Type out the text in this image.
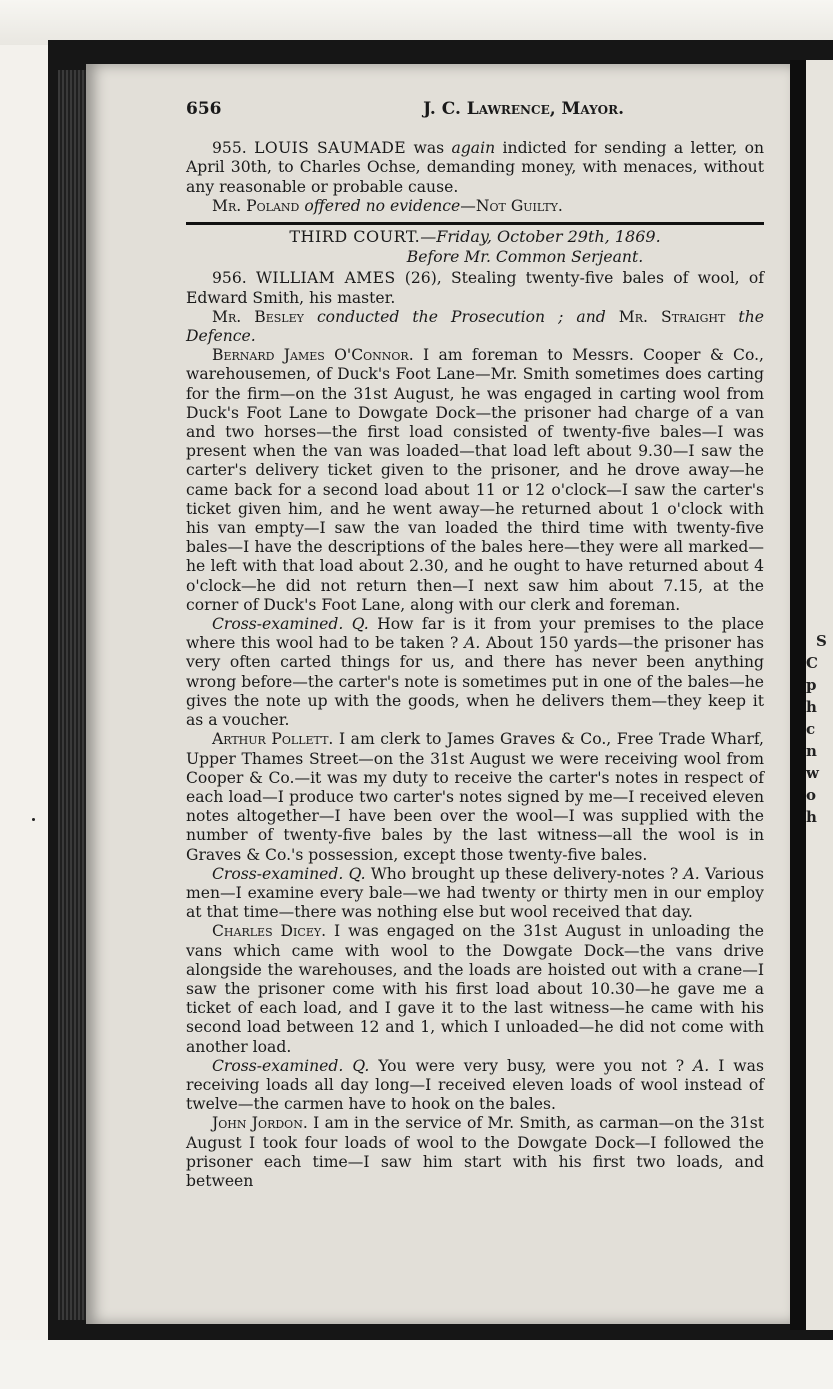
S
C
p
h
c
n
w
o
h
656	J. C. Lawrence, Mayor.

955. LOUIS SAUMADE was again indicted for sending a letter, on April 30th, to Charles Ochse, demanding money, with menaces, without any reasonable or probable cause.

Mr. Poland offered no evidence—Not Guilty.

THIRD COURT.—Friday, October 29th, 1869.
Before Mr. Common Serjeant.

956. WILLIAM AMES (26), Stealing twenty-five bales of wool, of Edward Smith, his master.

Mr. Besley conducted the Prosecution ; and Mr. Straight the Defence.

Bernard James O'Connor. I am foreman to Messrs. Cooper & Co., warehousemen, of Duck's Foot Lane—Mr. Smith sometimes does carting for the firm—on the 31st August, he was engaged in carting wool from Duck's Foot Lane to Dowgate Dock—the prisoner had charge of a van and two horses—the first load consisted of twenty-five bales—I was present when the van was loaded—that load left about 9.30—I saw the carter's delivery ticket given to the prisoner, and he drove away—he came back for a second load about 11 or 12 o'clock—I saw the carter's ticket given him, and he went away—he returned about 1 o'clock with his van empty—I saw the van loaded the third time with twenty-five bales—I have the descriptions of the bales here—they were all marked—he left with that load about 2.30, and he ought to have returned about 4 o'clock—he did not return then—I next saw him about 7.15, at the corner of Duck's Foot Lane, along with our clerk and foreman.

Cross-examined. Q. How far is it from your premises to the place where this wool had to be taken ? A. About 150 yards—the prisoner has very often carted things for us, and there has never been anything wrong before—the carter's note is sometimes put in one of the bales—he gives the note up with the goods, when he delivers them—they keep it as a voucher.

Arthur Pollett. I am clerk to James Graves & Co., Free Trade Wharf, Upper Thames Street—on the 31st August we were receiving wool from Cooper & Co.—it was my duty to receive the carter's notes in respect of each load—I produce two carter's notes signed by me—I received eleven notes altogether—I have been over the wool—I was supplied with the number of twenty-five bales by the last witness—all the wool is in Graves & Co.'s possession, except those twenty-five bales.

Cross-examined. Q. Who brought up these delivery-notes ? A. Various men—I examine every bale—we had twenty or thirty men in our employ at that time—there was nothing else but wool received that day.

Charles Dicey. I was engaged on the 31st August in unloading the vans which came with wool to the Dowgate Dock—the vans drive alongside the warehouses, and the loads are hoisted out with a crane—I saw the prisoner come with his first load about 10.30—he gave me a ticket of each load, and I gave it to the last witness—he came with his second load between 12 and 1, which I unloaded—he did not come with another load.

Cross-examined. Q. You were very busy, were you not ? A. I was receiving loads all day long—I received eleven loads of wool instead of twelve—the carmen have to hook on the bales.

John Jordon. I am in the service of Mr. Smith, as carman—on the 31st August I took four loads of wool to the Dowgate Dock—I followed the prisoner each time—I saw him start with his first two loads, and between
